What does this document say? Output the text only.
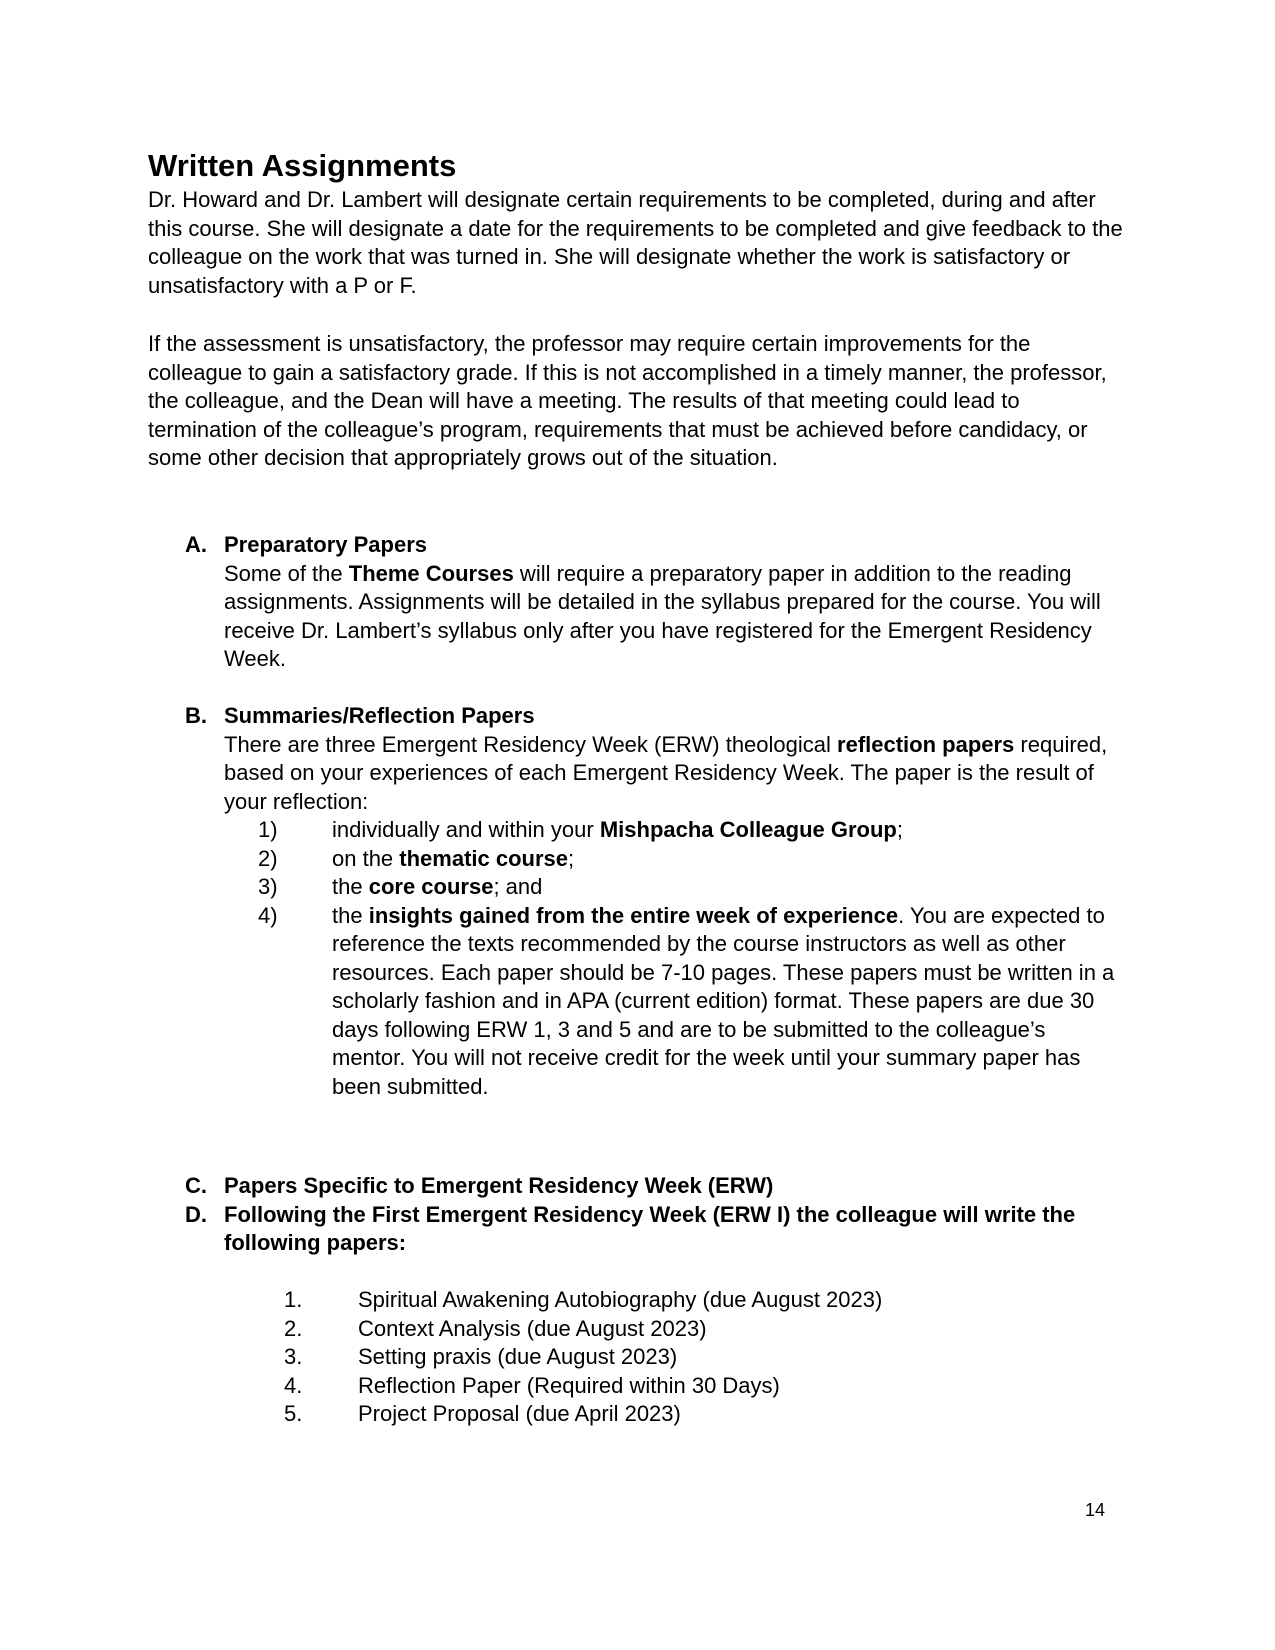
Written Assignments

Dr. Howard and Dr. Lambert will designate certain requirements to be completed, during and after this course. She will designate a date for the requirements to be completed and give feedback to the colleague on the work that was turned in. She will designate whether the work is satisfactory or unsatisfactory with a P or F.

If the assessment is unsatisfactory, the professor may require certain improvements for the colleague to gain a satisfactory grade. If this is not accomplished in a timely manner, the professor, the colleague, and the Dean will have a meeting. The results of that meeting could lead to termination of the colleague’s program, requirements that must be achieved before candidacy, or some other decision that appropriately grows out of the situation.

A. Preparatory Papers

Some of the Theme Courses will require a preparatory paper in addition to the reading assignments. Assignments will be detailed in the syllabus prepared for the course. You will receive Dr. Lambert’s syllabus only after you have registered for the Emergent Residency Week.

B. Summaries/Reflection Papers

There are three Emergent Residency Week (ERW) theological reflection papers required, based on your experiences of each Emergent Residency Week. The paper is the result of your reflection:

1) individually and within your Mishpacha Colleague Group;
2) on the thematic course;
3) the core course; and
4) the insights gained from the entire week of experience. You are expected to reference the texts recommended by the course instructors as well as other resources. Each paper should be 7-10 pages. These papers must be written in a scholarly fashion and in APA (current edition) format. These papers are due 30 days following ERW 1, 3 and 5 and are to be submitted to the colleague’s mentor. You will not receive credit for the week until your summary paper has been submitted.
C. Papers Specific to Emergent Residency Week (ERW)
D. Following the First Emergent Residency Week (ERW I) the colleague will write the following papers:
1.	Spiritual Awakening Autobiography (due August 2023)
2.	Context Analysis (due August 2023)
3.	Setting praxis (due August 2023)
4.	Reflection Paper (Required within 30 Days)
5.	Project Proposal (due April 2023)
14
